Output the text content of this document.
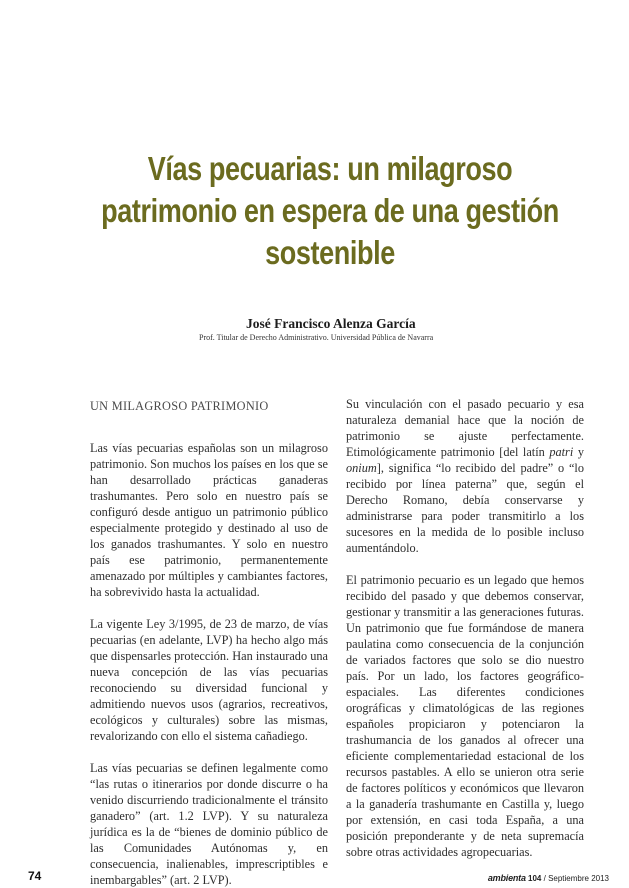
Vías pecuarias: un milagroso
patrimonio en espera de una gestión
sostenible
José Francisco Alenza García
Prof. Titular de Derecho Administrativo. Universidad Pública de Navarra
UN MILAGROSO PATRIMONIO

Las vías pecuarias españolas son un milagroso patrimonio. Son muchos los países en los que se han desarrollado prácticas ganaderas trashumantes. Pero solo en nuestro país se configuró desde antiguo un patrimonio público especialmente protegido y destinado al uso de los ganados trashumantes. Y solo en nuestro país ese patrimonio, permanentemente amenazado por múltiples y cambiantes factores, ha sobrevivido hasta la actualidad.

La vigente Ley 3/1995, de 23 de marzo, de vías pecuarias (en adelante, LVP) ha hecho algo más que dispensarles protección. Han instaurado una nueva concepción de las vías pecuarias reconociendo su diversidad funcional y admitiendo nuevos usos (agrarios, recreativos, ecológicos y culturales) sobre las mismas, revalorizando con ello el sistema cañadiego.

Las vías pecuarias se definen legalmente como “las rutas o itinerarios por donde discurre o ha venido discurriendo tradicionalmente el tránsito ganadero” (art. 1.2 LVP). Y su naturaleza jurídica es la de “bienes de dominio público de las Comunidades Autónomas y, en consecuencia, inalienables, imprescriptibles e inembargables” (art. 2 LVP).

Su vinculación con el pasado pecuario y esa naturaleza demanial hace que la noción de patrimonio se ajuste perfectamente. Etimológicamente patrimonio [del latín patri y onium], significa “lo recibido del padre” o “lo recibido por línea paterna” que, según el Derecho Romano, debía conservarse y administrarse para poder transmitirlo a los sucesores en la medida de lo posible incluso aumentándolo.

El patrimonio pecuario es un legado que hemos recibido del pasado y que debemos conservar, gestionar y transmitir a las generaciones futuras. Un patrimonio que fue formándose de manera paulatina como consecuencia de la conjunción de variados factores que solo se dio nuestro país. Por un lado, los factores geográfico-espaciales. Las diferentes condiciones orográficas y climatológicas de las regiones españoles propiciaron y potenciaron la trashumancia de los ganados al ofrecer una eficiente complementariedad estacional de los recursos pastables. A ello se unieron otra serie de factores políticos y económicos que llevaron a la ganadería trashumante en Castilla y, luego por extensión, en casi toda España, a una posición preponderante y de neta supremacía sobre otras actividades agropecuarias.

74	ambienta 104 / Septiembre 2013
